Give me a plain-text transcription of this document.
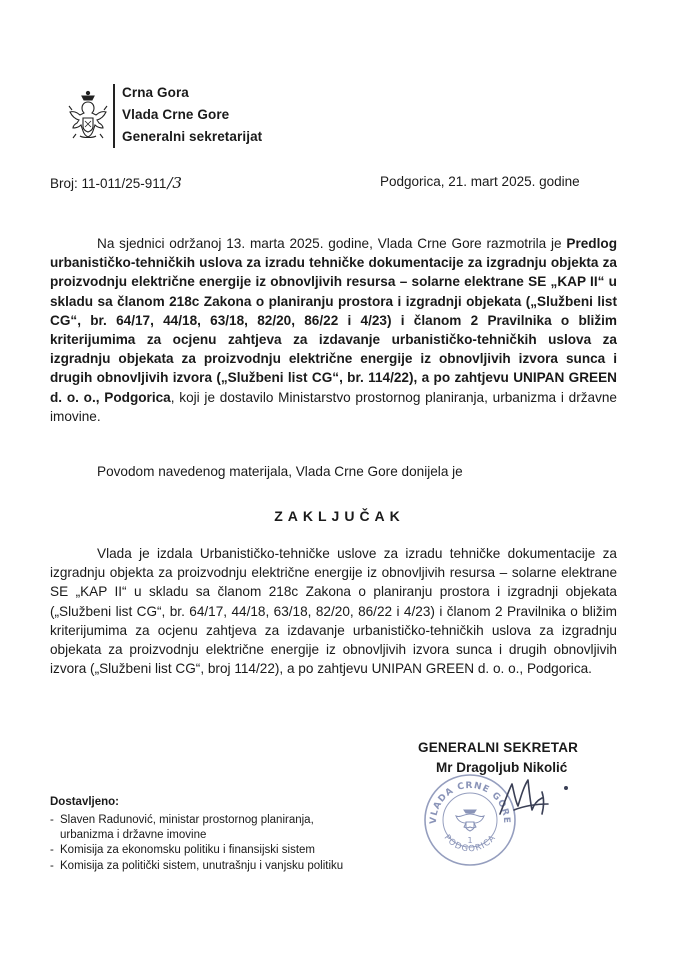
Crna Gora
Vlada Crne Gore
Generalni sekretarijat
Broj: 11-011/25-911/3	Podgorica, 21. mart 2025. godine
Na sjednici održanoj 13. marta 2025. godine, Vlada Crne Gore razmotrila je Predlog urbanističko-tehničkih uslova za izradu tehničke dokumentacije za izgradnju objekta za proizvodnju električne energije iz obnovljivih resursa – solarne elektrane SE „KAP II“ u skladu sa članom 218c Zakona o planiranju prostora i izgradnji objekata („Službeni list CG“, br. 64/17, 44/18, 63/18, 82/20, 86/22 i 4/23) i članom 2 Pravilnika o bližim kriterijumima za ocjenu zahtjeva za izdavanje urbanističko-tehničkih uslova za izgradnju objekata za proizvodnju električne energije iz obnovljivih izvora sunca i drugih obnovljivih izvora („Službeni list CG“, br. 114/22), a po zahtjevu UNIPAN GREEN d. o. o., Podgorica, koji je dostavilo Ministarstvo prostornog planiranja, urbanizma i državne imovine.
Povodom navedenog materijala, Vlada Crne Gore donijela je
ZAKLJUČAK
Vlada je izdala Urbanističko-tehničke uslove za izradu tehničke dokumentacije za izgradnju objekta za proizvodnju električne energije iz obnovljivih resursa – solarne elektrane SE „KAP II“ u skladu sa članom 218c Zakona o planiranju prostora i izgradnji objekata („Službeni list CG“, br. 64/17, 44/18, 63/18, 82/20, 86/22 i 4/23) i članom 2 Pravilnika o bližim kriterijumima za ocjenu zahtjeva za izdavanje urbanističko-tehničkih uslova za izgradnju objekata za proizvodnju električne energije iz obnovljivih izvora sunca i drugih obnovljivih izvora („Službeni list CG“, broj 114/22), a po zahtjevu UNIPAN GREEN d. o. o., Podgorica.
GENERALNI SEKRETAR
Mr Dragoljub Nikolić
VLADA CRNE GORE
PODGORICA
1
Dostavljeno:
- Slaven Radunović, ministar prostornog planiranja, urbanizma i državne imovine
- Komisija za ekonomsku politiku i finansijski sistem
- Komisija za politički sistem, unutrašnju i vanjsku politiku
